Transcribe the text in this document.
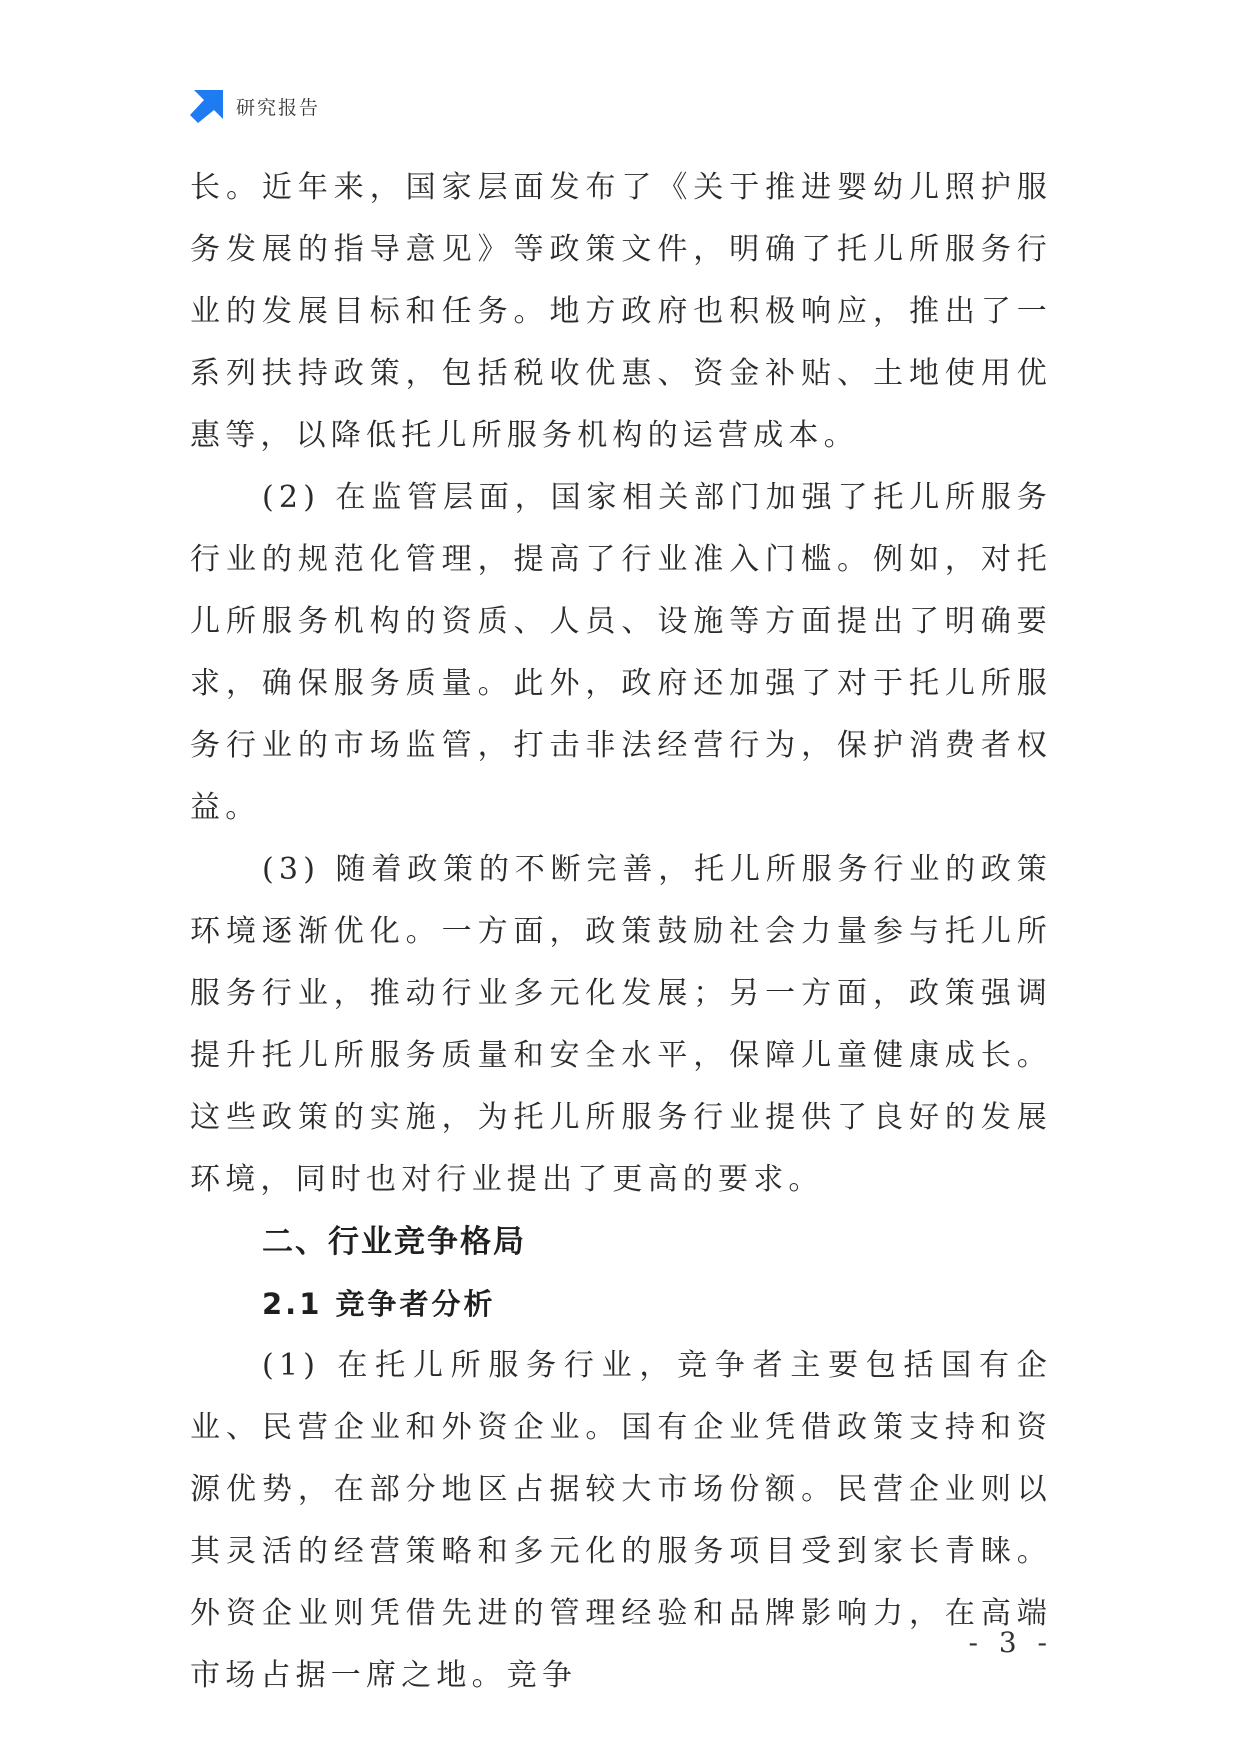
研究报告

长。近年来，国家层面发布了《关于推进婴幼儿照护服务发展的指导意见》等政策文件，明确了托儿所服务行业的发展目标和任务。地方政府也积极响应，推出了一系列扶持政策，包括税收优惠、资金补贴、土地使用优惠等，以降低托儿所服务机构的运营成本。

(2) 在监管层面，国家相关部门加强了托儿所服务行业的规范化管理，提高了行业准入门槛。例如，对托儿所服务机构的资质、人员、设施等方面提出了明确要求，确保服务质量。此外，政府还加强了对于托儿所服务行业的市场监管，打击非法经营行为，保护消费者权益。

(3) 随着政策的不断完善，托儿所服务行业的政策环境逐渐优化。一方面，政策鼓励社会力量参与托儿所服务行业，推动行业多元化发展；另一方面，政策强调提升托儿所服务质量和安全水平，保障儿童健康成长。这些政策的实施，为托儿所服务行业提供了良好的发展环境，同时也对行业提出了更高的要求。

二、行业竞争格局
2.1 竞争者分析

(1) 在托儿所服务行业，竞争者主要包括国有企业、民营企业和外资企业。国有企业凭借政策支持和资源优势，在部分地区占据较大市场份额。民营企业则以其灵活的经营策略和多元化的服务项目受到家长青睐。外资企业则凭借先进的管理经验和品牌影响力，在高端市场占据一席之地。竞争

- 3 -
